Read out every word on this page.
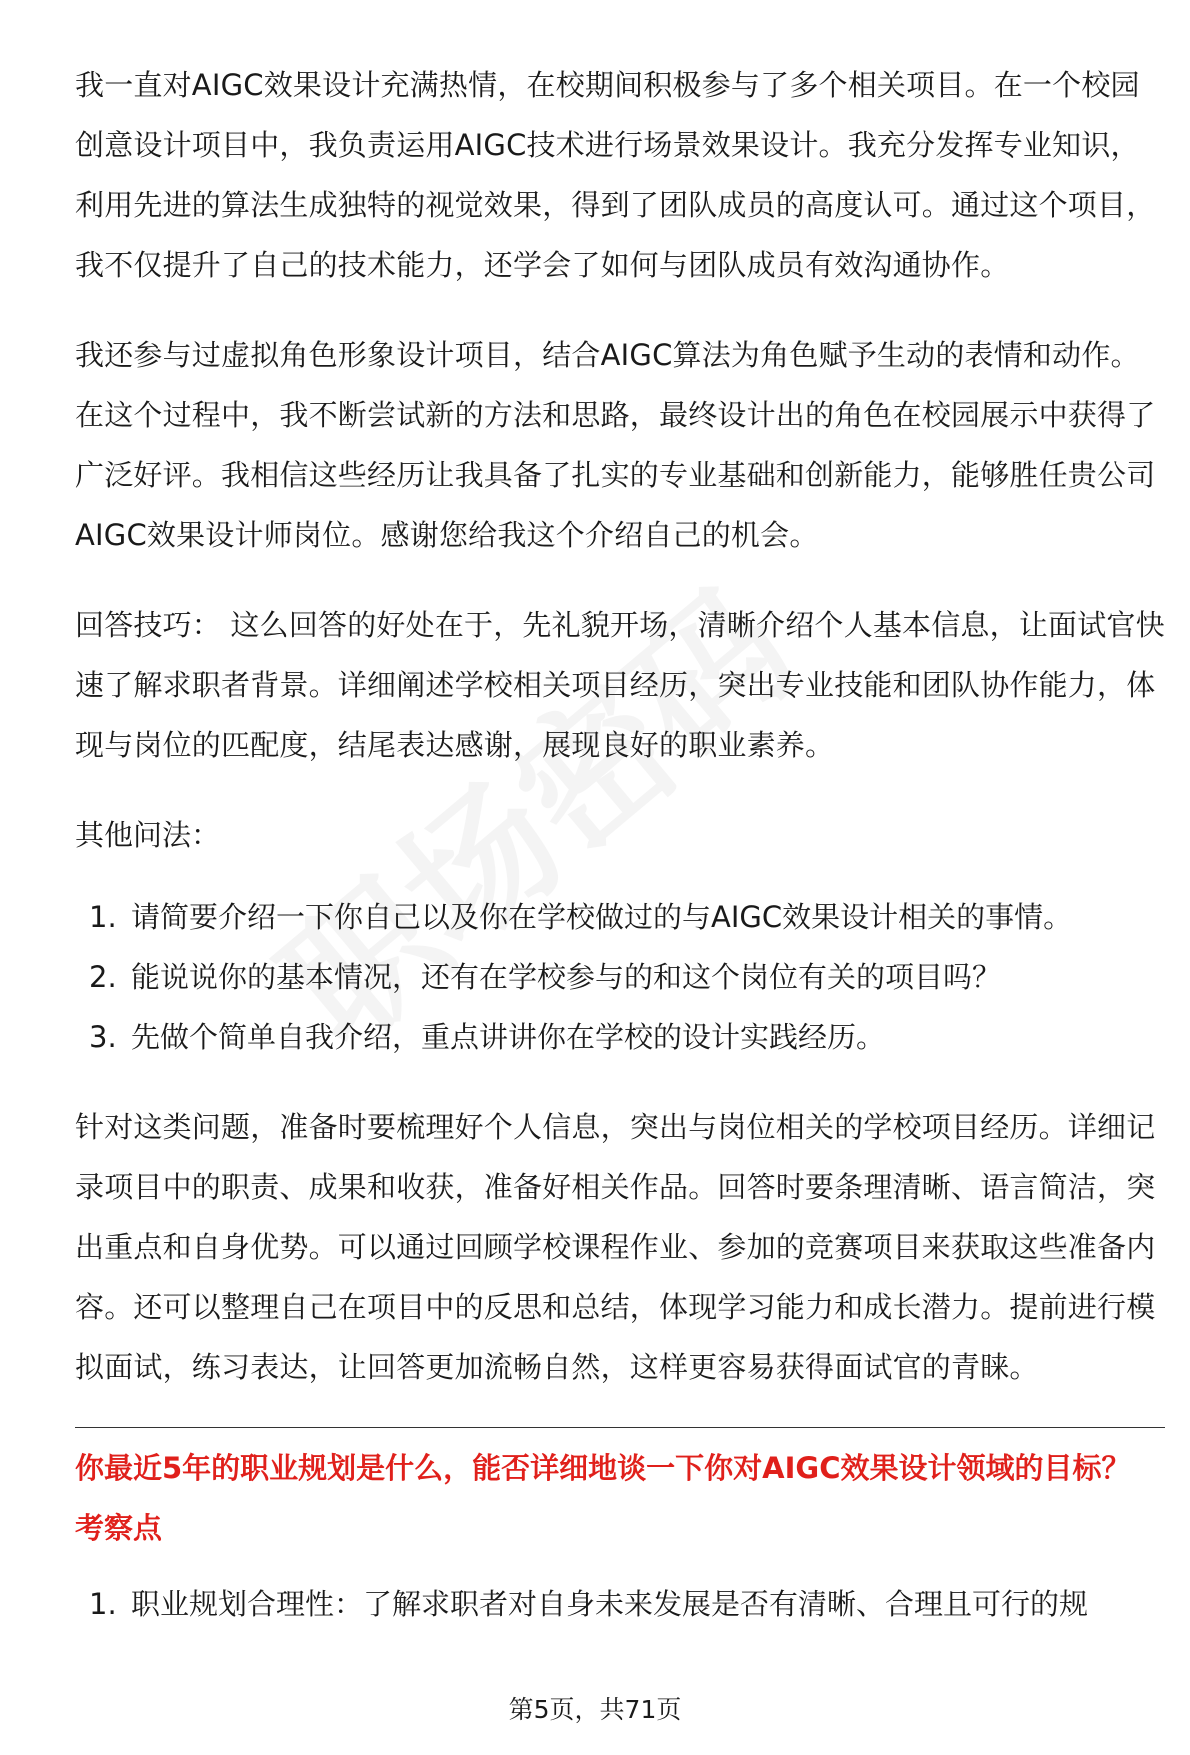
我一直对AIGC效果设计充满热情，在校期间积极参与了多个相关项目。在一个校园创意设计项目中，我负责运用AIGC技术进行场景效果设计。我充分发挥专业知识，利用先进的算法生成独特的视觉效果，得到了团队成员的高度认可。通过这个项目，我不仅提升了自己的技术能力，还学会了如何与团队成员有效沟通协作。

我还参与过虚拟角色形象设计项目，结合AIGC算法为角色赋予生动的表情和动作。在这个过程中，我不断尝试新的方法和思路，最终设计出的角色在校园展示中获得了广泛好评。我相信这些经历让我具备了扎实的专业基础和创新能力，能够胜任贵公司AIGC效果设计师岗位。感谢您给我这个介绍自己的机会。

回答技巧： 这么回答的好处在于，先礼貌开场，清晰介绍个人基本信息，让面试官快速了解求职者背景。详细阐述学校相关项目经历，突出专业技能和团队协作能力，体现与岗位的匹配度，结尾表达感谢，展现良好的职业素养。

其他问法：

1. 请简要介绍一下你自己以及你在学校做过的与AIGC效果设计相关的事情。
2. 能说说你的基本情况，还有在学校参与的和这个岗位有关的项目吗？
3. 先做个简单自我介绍，重点讲讲你在学校的设计实践经历。

针对这类问题，准备时要梳理好个人信息，突出与岗位相关的学校项目经历。详细记录项目中的职责、成果和收获，准备好相关作品。回答时要条理清晰、语言简洁，突出重点和自身优势。可以通过回顾学校课程作业、参加的竞赛项目来获取这些准备内容。还可以整理自己在项目中的反思和总结，体现学习能力和成长潜力。提前进行模拟面试，练习表达，让回答更加流畅自然，这样更容易获得面试官的青睐。

你最近5年的职业规划是什么，能否详细地谈一下你对AIGC效果设计领域的目标？

考察点

1. 职业规划合理性：了解求职者对自身未来发展是否有清晰、合理且可行的规
第5页，共71页
